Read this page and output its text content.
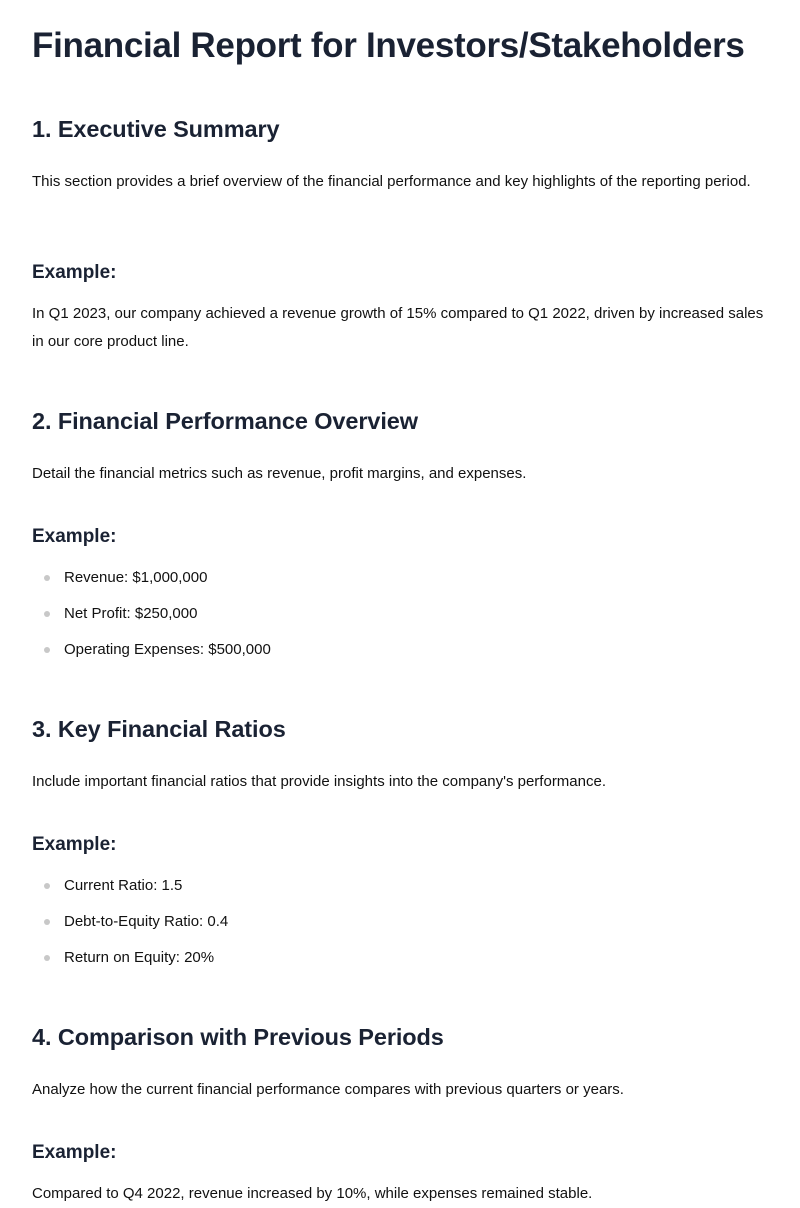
Financial Report for Investors/Stakeholders
1. Executive Summary

This section provides a brief overview of the financial performance and key highlights of the reporting period.

Example:

In Q1 2023, our company achieved a revenue growth of 15% compared to Q1 2022, driven by increased sales in our core product line.

2. Financial Performance Overview

Detail the financial metrics such as revenue, profit margins, and expenses.

Example:
Revenue: $1,000,000
Net Profit: $250,000
Operating Expenses: $500,000
3. Key Financial Ratios

Include important financial ratios that provide insights into the company's performance.

Example:
Current Ratio: 1.5
Debt-to-Equity Ratio: 0.4
Return on Equity: 20%
4. Comparison with Previous Periods

Analyze how the current financial performance compares with previous quarters or years.

Example:

Compared to Q4 2022, revenue increased by 10%, while expenses remained stable.
